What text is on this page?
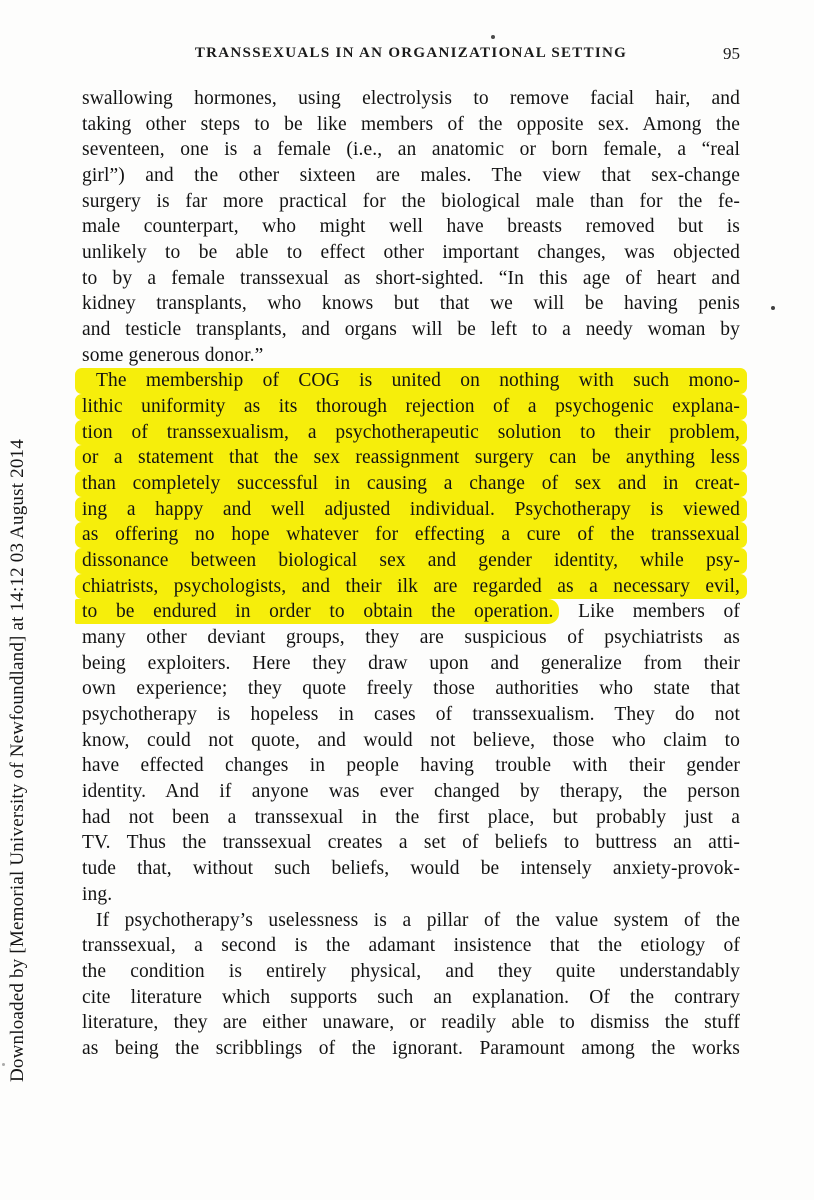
Downloaded by [Memorial University of Newfoundland] at 14:12 03 August 2014
TRANSSEXUALS IN AN ORGANIZATIONAL SETTING	95
swallowing hormones, using electrolysis to remove facial hair, and
taking other steps to be like members of the opposite sex. Among the
seventeen, one is a female (i.e., an anatomic or born female, a “real
girl”) and the other sixteen are males. The view that sex-change
surgery is far more practical for the biological male than for the fe-
male counterpart, who might well have breasts removed but is
unlikely to be able to effect other important changes, was objected
to by a female transsexual as short-sighted. “In this age of heart and
kidney transplants, who knows but that we will be having penis
and testicle transplants, and organs will be left to a needy woman by
some generous donor.”
The membership of COG is united on nothing with such mono-
lithic uniformity as its thorough rejection of a psychogenic explana-
tion of transsexualism, a psychotherapeutic solution to their problem,
or a statement that the sex reassignment surgery can be anything less
than completely successful in causing a change of sex and in creat-
ing a happy and well adjusted individual. Psychotherapy is viewed
as offering no hope whatever for effecting a cure of the transsexual
dissonance between biological sex and gender identity, while psy-
chiatrists, psychologists, and their ilk are regarded as a necessary evil,
to be endured in order to obtain the operation. Like members of
many other deviant groups, they are suspicious of psychiatrists as
being exploiters. Here they draw upon and generalize from their
own experience; they quote freely those authorities who state that
psychotherapy is hopeless in cases of transsexualism. They do not
know, could not quote, and would not believe, those who claim to
have effected changes in people having trouble with their gender
identity. And if anyone was ever changed by therapy, the person
had not been a transsexual in the first place, but probably just a
TV. Thus the transsexual creates a set of beliefs to buttress an atti-
tude that, without such beliefs, would be intensely anxiety-provok-
ing.
If psychotherapy’s uselessness is a pillar of the value system of the
transsexual, a second is the adamant insistence that the etiology of
the condition is entirely physical, and they quite understandably
cite literature which supports such an explanation. Of the contrary
literature, they are either unaware, or readily able to dismiss the stuff
as being the scribblings of the ignorant. Paramount among the works
